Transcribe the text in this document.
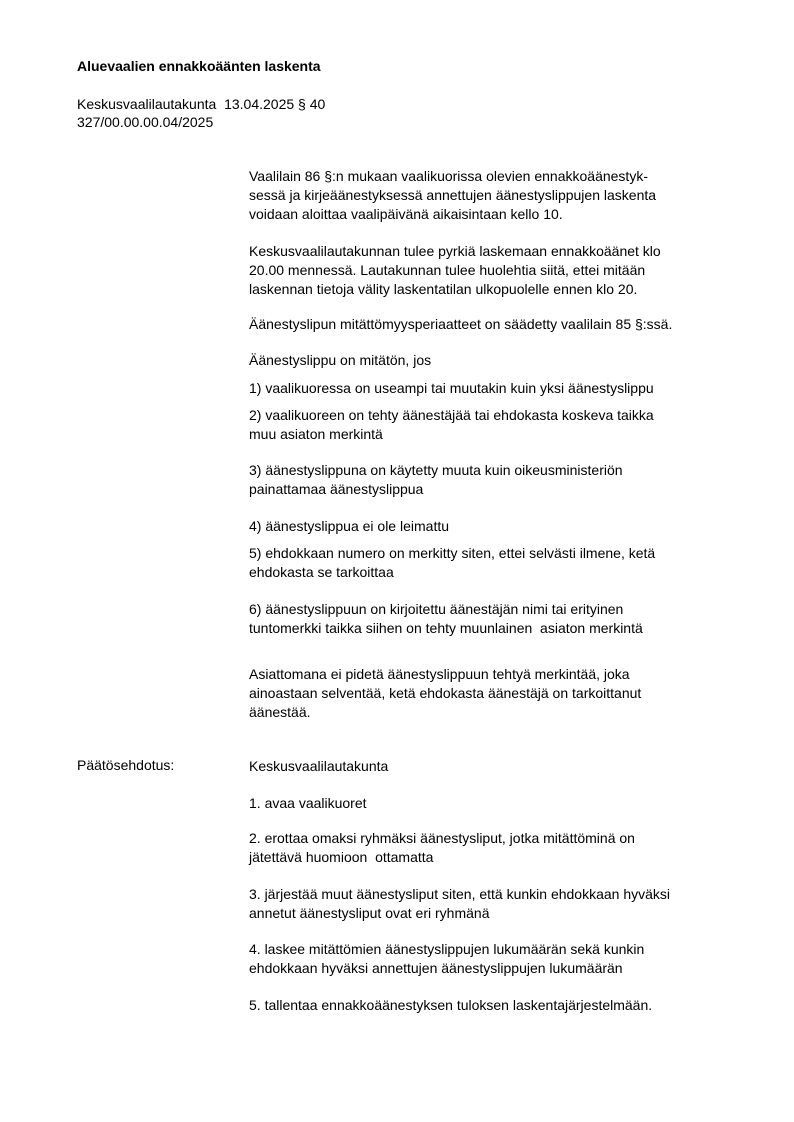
Aluevaalien ennakkoäänten laskenta
Keskusvaalilautakunta  13.04.2025 § 40
327/00.00.00.04/2025
Vaalilain 86 §:n mukaan vaalikuorissa olevien ennakkoäänestyk-
sessä ja kirjeäänestyksessä annettujen äänestyslippujen laskenta
voidaan aloittaa vaalipäivänä aikaisintaan kello 10.
Keskusvaalilautakunnan tulee pyrkiä laskemaan ennakkoäänet klo
20.00 mennessä. Lautakunnan tulee huolehtia siitä, ettei mitään
laskennan tietoja välity laskentatilan ulkopuolelle ennen klo 20.
Äänestyslipun mitättömyysperiaatteet on säädetty vaalilain 85 §:ssä.
Äänestyslippu on mitätön, jos
1) vaalikuoressa on useampi tai muutakin kuin yksi äänestyslippu
2) vaalikuoreen on tehty äänestäjää tai ehdokasta koskeva taikka
muu asiaton merkintä
3) äänestyslippuna on käytetty muuta kuin oikeusministeriön
painattamaa äänestyslippua
4) äänestyslippua ei ole leimattu
5) ehdokkaan numero on merkitty siten, ettei selvästi ilmene, ketä
ehdokasta se tarkoittaa
6) äänestyslippuun on kirjoitettu äänestäjän nimi tai erityinen
tuntomerkki taikka siihen on tehty muunlainen  asiaton merkintä
Asiattomana ei pidetä äänestyslippuun tehtyä merkintää, joka
ainoastaan selventää, ketä ehdokasta äänestäjä on tarkoittanut
äänestää.
Päätösehdotus:	Keskusvaalilautakunta
1. avaa vaalikuoret
2. erottaa omaksi ryhmäksi äänestysliput, jotka mitättöminä on
jätettävä huomioon  ottamatta
3. järjestää muut äänestysliput siten, että kunkin ehdokkaan hyväksi
annetut äänestysliput ovat eri ryhmänä
4. laskee mitättömien äänestyslippujen lukumäärän sekä kunkin
ehdokkaan hyväksi annettujen äänestyslippujen lukumäärän
5. tallentaa ennakkoäänestyksen tuloksen laskentajärjestelmään.
